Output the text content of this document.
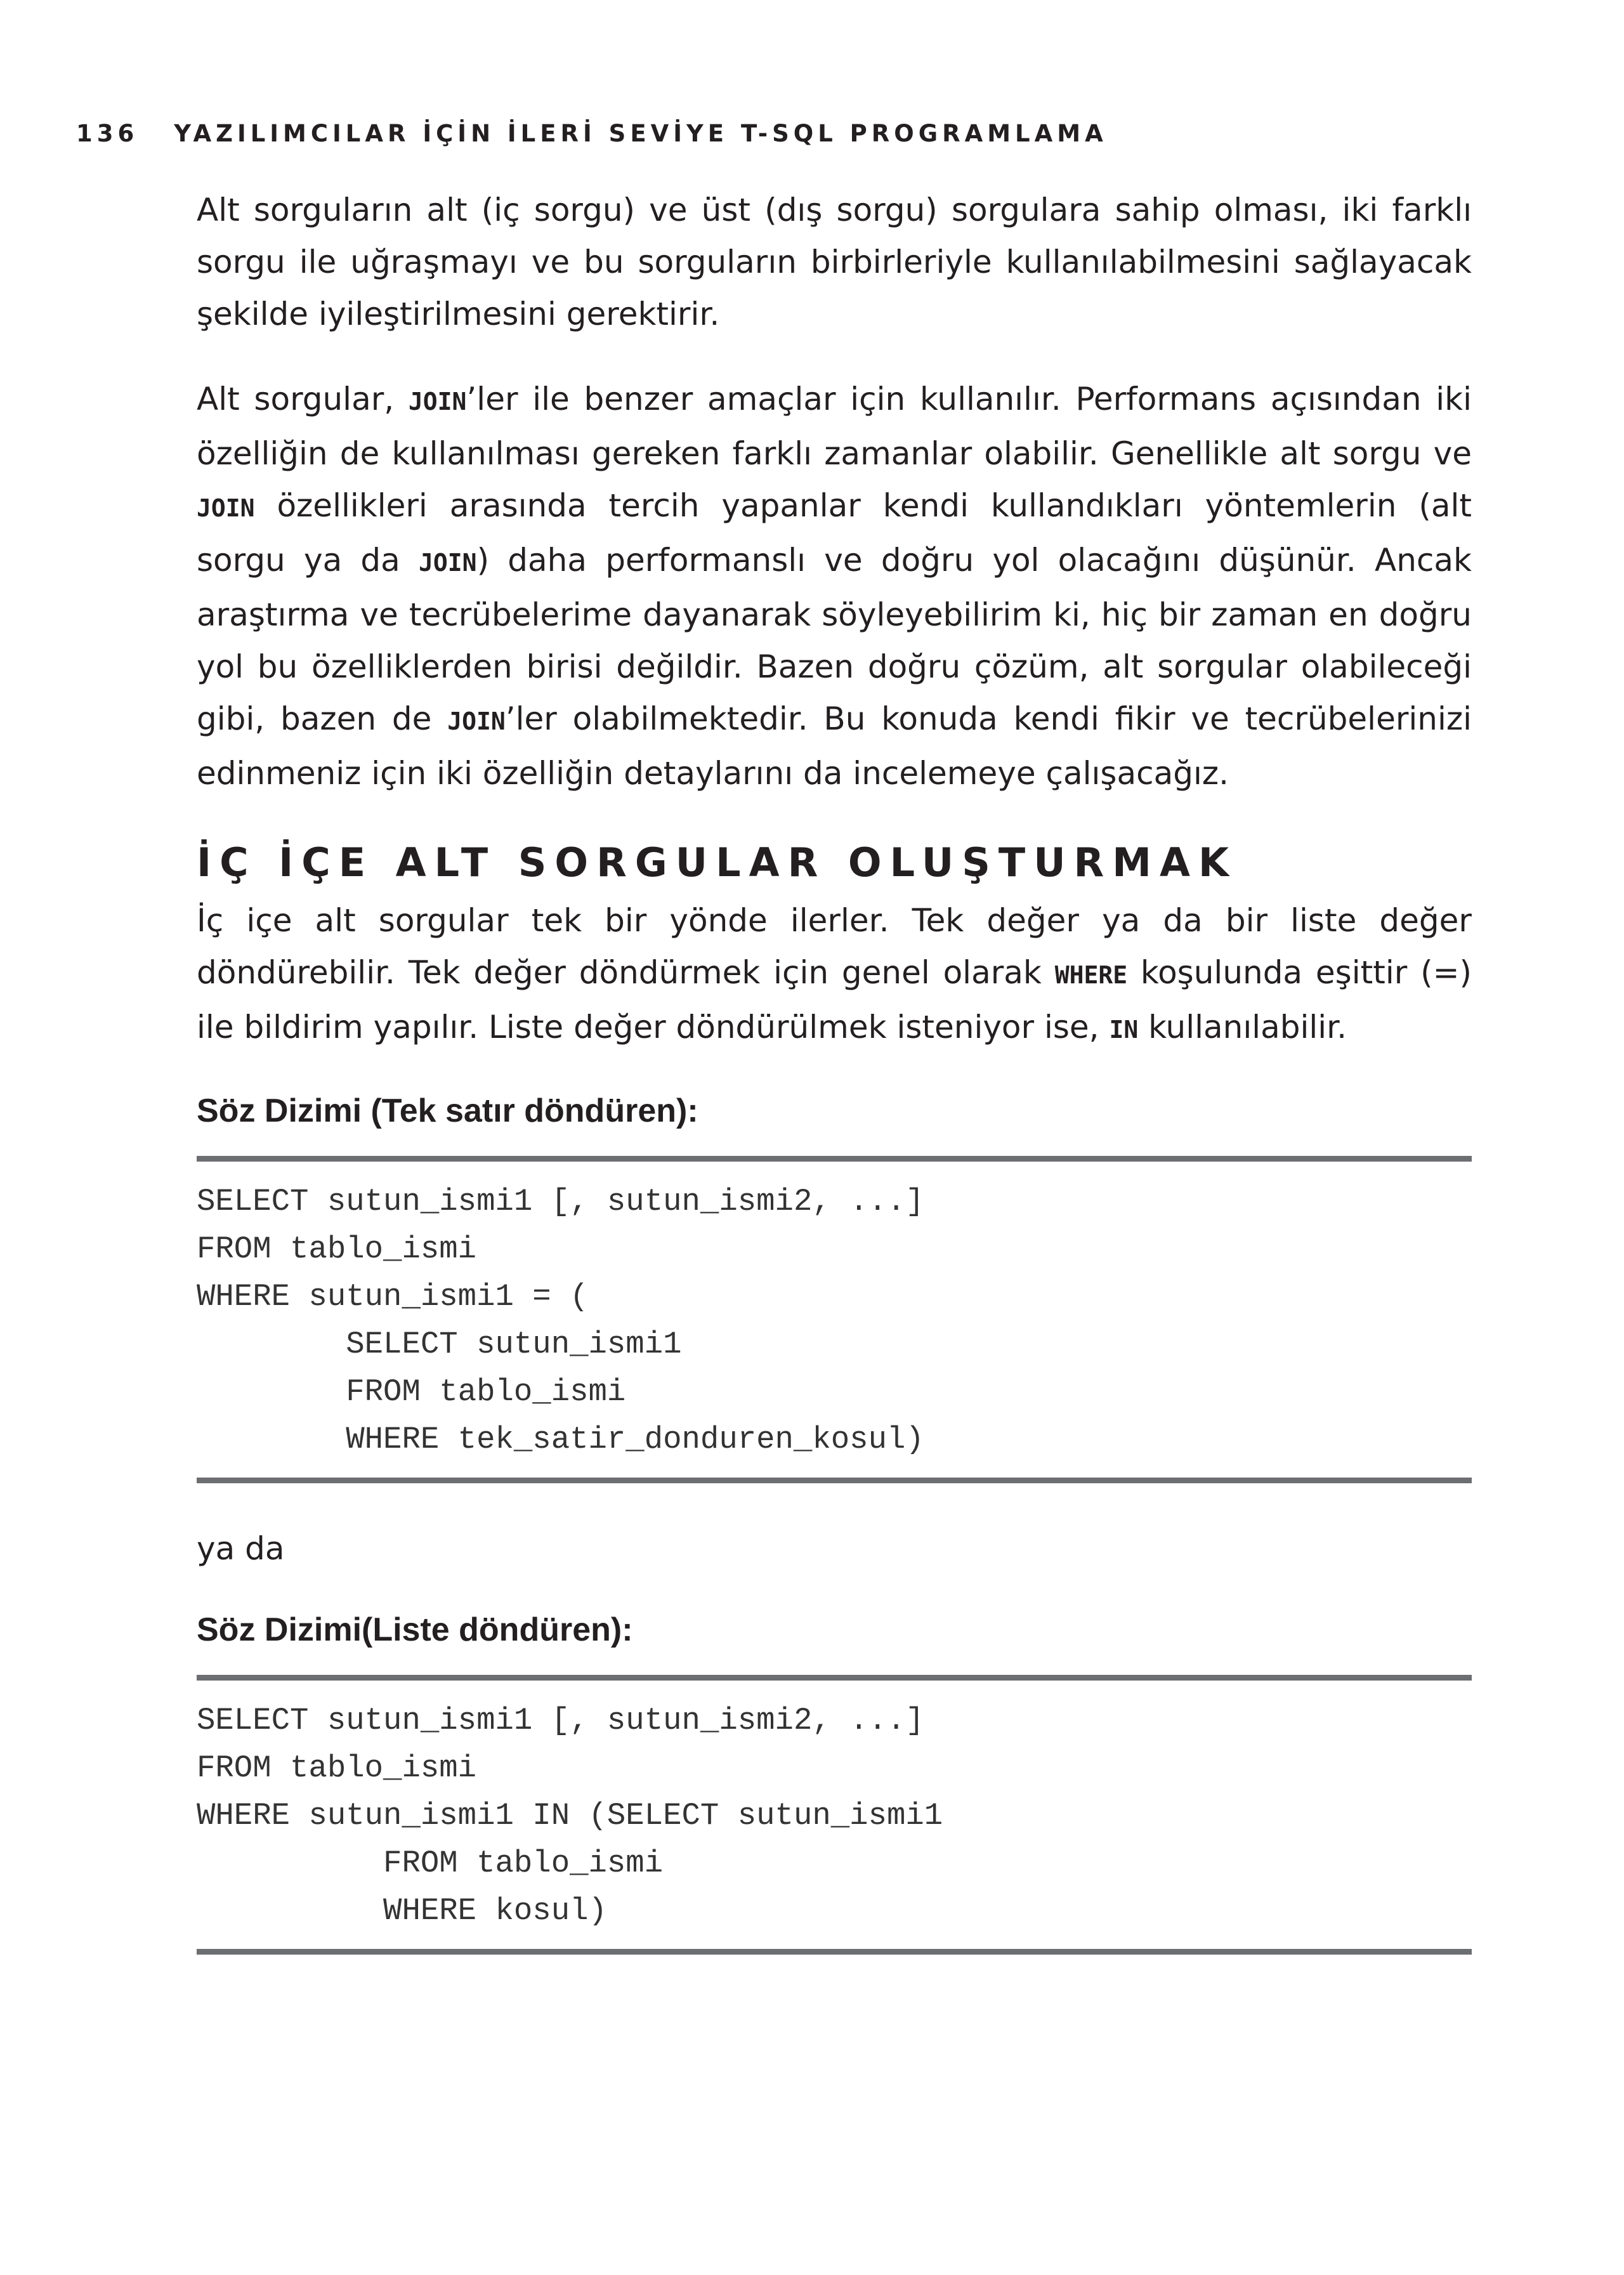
136 YAZILIMCILAR İÇİN İLERİ SEVİYE T-SQL PROGRAMLAMA

Alt sorguların alt (iç sorgu) ve üst (dış sorgu) sorgulara sahip olması, iki farklı sorgu ile uğraşmayı ve bu sorguların birbirleriyle kullanılabilmesini sağlayacak şekilde iyileştirilmesini gerektirir.

Alt sorgular, JOIN’ler ile benzer amaçlar için kullanılır. Performans açısından iki özelliğin de kullanılması gereken farklı zamanlar olabilir. Genellikle alt sorgu ve JOIN özellikleri arasında tercih yapanlar kendi kullandıkları yöntemlerin (alt sorgu ya da JOIN) daha performanslı ve doğru yol olacağını düşünür. Ancak araştırma ve tecrübelerime dayanarak söyleyebilirim ki, hiç bir zaman en doğru yol bu özelliklerden birisi değildir. Bazen doğru çözüm, alt sorgular olabileceği gibi, bazen de JOIN’ler olabilmektedir. Bu konuda kendi fikir ve tecrübelerinizi edinmeniz için iki özelliğin detaylarını da incelemeye çalışacağız.

İÇ İÇE ALT SORGULAR OLUŞTURMAK

İç içe alt sorgular tek bir yönde ilerler. Tek değer ya da bir liste değer döndürebilir. Tek değer döndürmek için genel olarak WHERE koşulunda eşittir (=) ile bildirim yapılır. Liste değer döndürülmek isteniyor ise, IN kullanılabilir.

Söz Dizimi (Tek satır döndüren):

SELECT sutun_ismi1 [, sutun_ismi2, ...]

FROM tablo_ismi

WHERE sutun_ismi1 = (

SELECT sutun_ismi1

FROM tablo_ismi

WHERE tek_satir_donduren_kosul)

ya da

Söz Dizimi(Liste döndüren):

SELECT sutun_ismi1 [, sutun_ismi2, ...]

FROM tablo_ismi

WHERE sutun_ismi1 IN (SELECT sutun_ismi1

FROM tablo_ismi

WHERE kosul)
